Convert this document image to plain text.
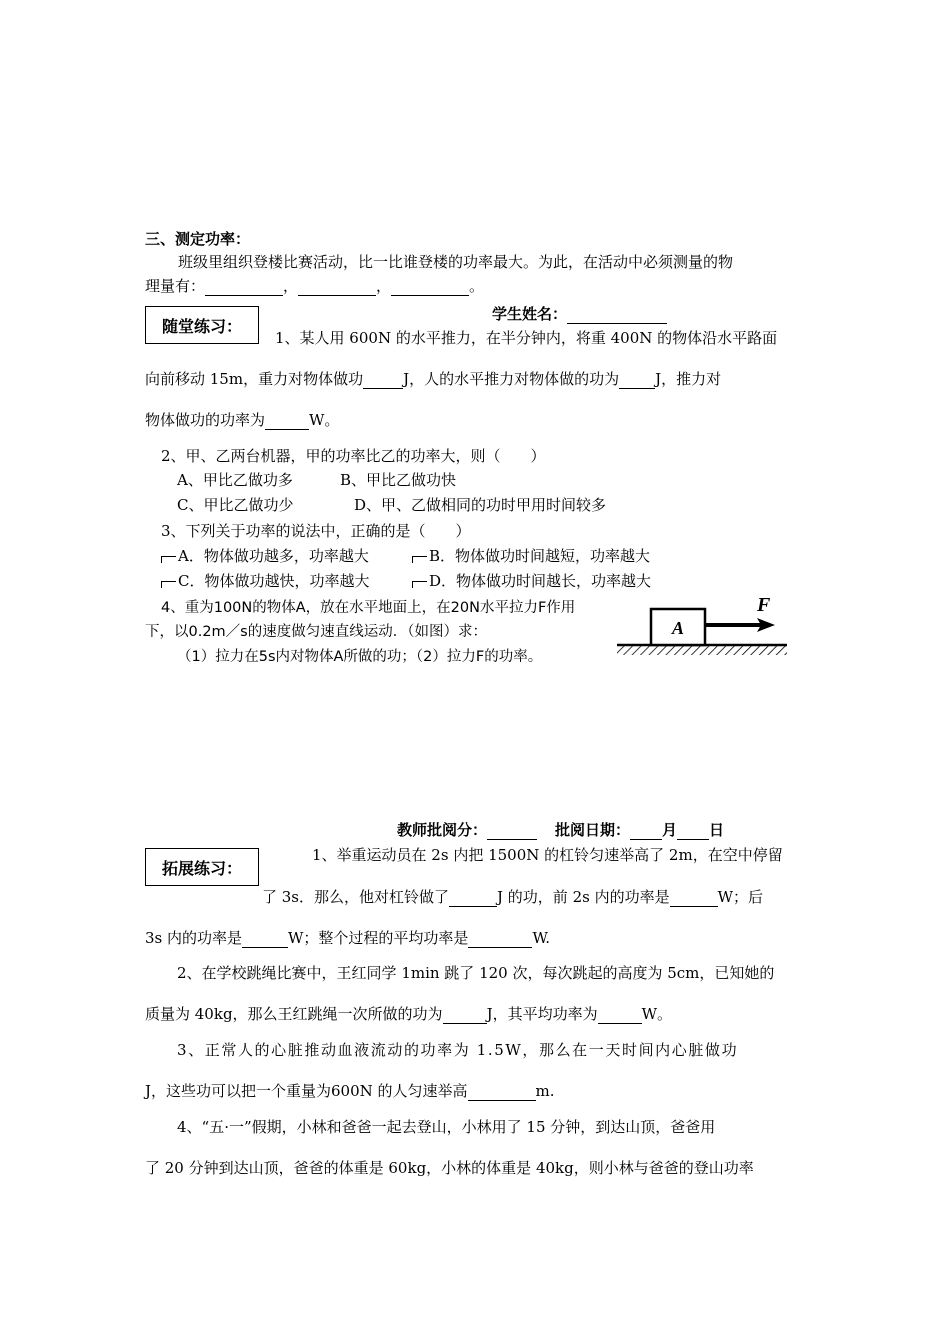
三、测定功率：
班级里组织登楼比赛活动，比一比谁登楼的功率最大。为此，在活动中必须测量的物
理量有：	，	，	。
学生姓名：
随堂练习：
1、某人用 600N 的水平推力，在半分钟内，将重 400N 的物体沿水平路面
向前移动 15m，重力对物体做功	J，人的水平推力对物体做的功为 J，推力对
物体做功的功率为	W。
2、甲、乙两台机器，甲的功率比乙的功率大，则（　　）
A、甲比乙做功多	B、甲比乙做功快
C、甲比乙做功少	D、甲、乙做相同的功时甲用时间较多
3、下列关于功率的说法中，正确的是（　　）
A．物体做功越多，功率越大	B．物体做功时间越短，功率越大
C．物体做功越快，功率越大	D．物体做功时间越长，功率越大
4、重为100N的物体A，放在水平地面上，在20N水平拉力F作用
下，以0.2m／s的速度做匀速直线运动．（如图）求：
（1）拉力在5s内对物体A所做的功；（2）拉力F的功率。
A
F
教师批阅分：	批阅日期： 月 日
拓展练习：
1、举重运动员在 2s 内把 1500N 的杠铃匀速举高了 2m，在空中停留
了 3s．那么，他对杠铃做了	J 的功，前 2s 内的功率是	W；后
3s 内的功率是	W；整个过程的平均功率是	W.
2、在学校跳绳比赛中，王红同学 1min 跳了 120 次，每次跳起的高度为 5cm，已知她的
质量为 40kg，那么王红跳绳一次所做的功为	J，其平均功率为	W。
3、正常人的心脏推动血液流动的功率为 1.5W，那么在一天时间内心脏做功
J，这些功可以把一个重量为600N 的人匀速举高	m.
4、“五·一”假期，小林和爸爸一起去登山，小林用了 15 分钟，到达山顶，爸爸用
了 20 分钟到达山顶，爸爸的体重是 60kg，小林的体重是 40kg，则小林与爸爸的登山功率
